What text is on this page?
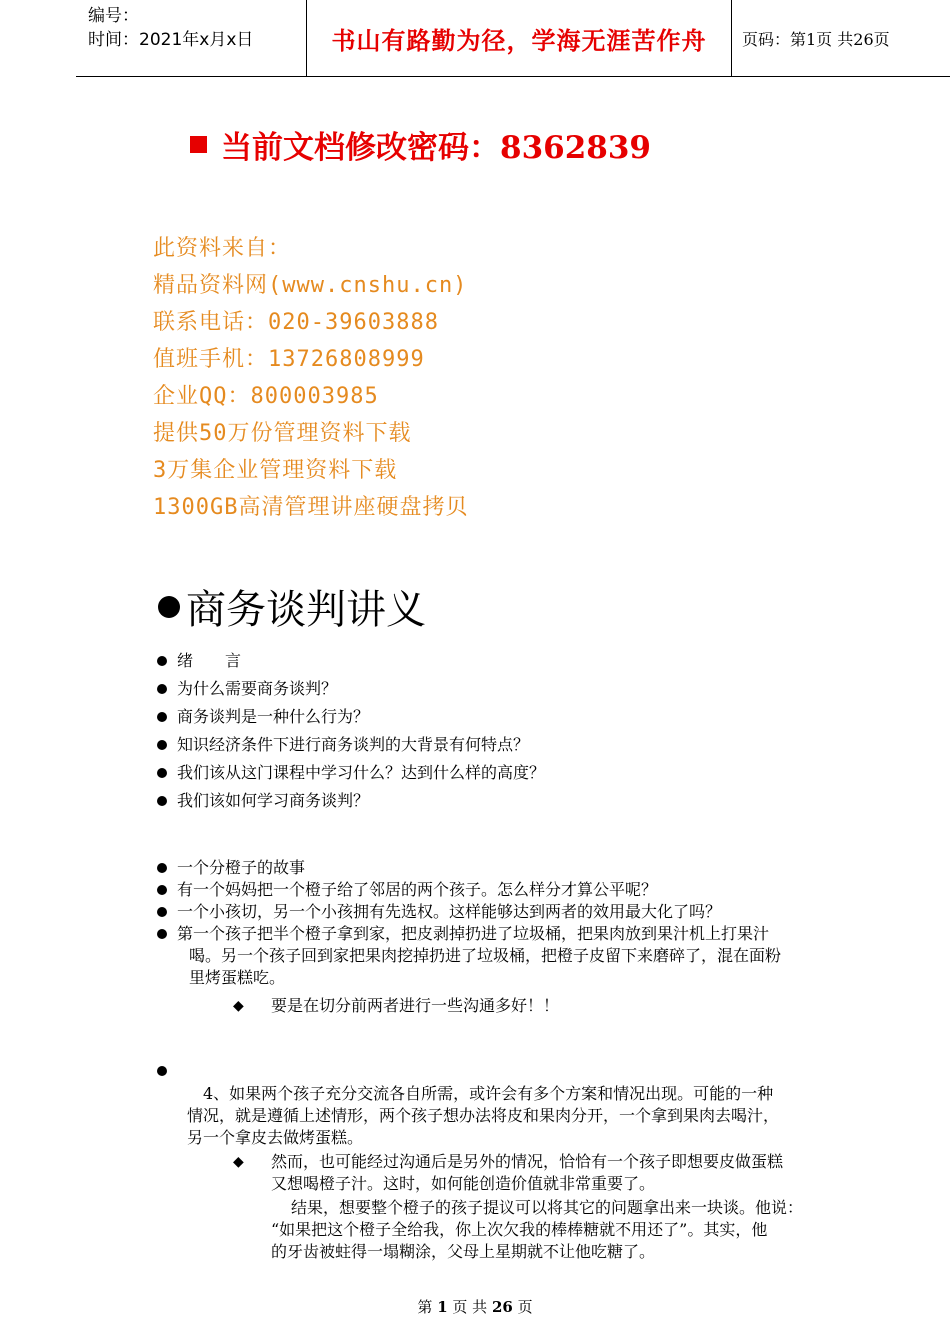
编号：
时间：2021年x月x日	书山有路勤为径，学海无涯苦作舟	页码：第1页 共26页
当前文档修改密码：8362839
此资料来自：
精品资料网(www.cnshu.cn)
联系电话：020-39603888
值班手机：13726808999
企业QQ：800003985
提供50万份管理资料下载
3万集企业管理资料下载
1300GB高清管理讲座硬盘拷贝
商务谈判讲义
绪　　言
为什么需要商务谈判？
商务谈判是一种什么行为？
知识经济条件下进行商务谈判的大背景有何特点？
我们该从这门课程中学习什么？达到什么样的高度？
我们该如何学习商务谈判？
一个分橙子的故事
有一个妈妈把一个橙子给了邻居的两个孩子。怎么样分才算公平呢？
一个小孩切，另一个小孩拥有先选权。这样能够达到两者的效用最大化了吗？
第一个孩子把半个橙子拿到家，把皮剥掉扔进了垃圾桶，把果肉放到果汁机上打果汁
喝。另一个孩子回到家把果肉挖掉扔进了垃圾桶，把橙子皮留下来磨碎了，混在面粉
里烤蛋糕吃。
◆ 要是在切分前两者进行一些沟通多好！！
4、如果两个孩子充分交流各自所需，或许会有多个方案和情况出现。可能的一种
情况，就是遵循上述情形，两个孩子想办法将皮和果肉分开，一个拿到果肉去喝汁，
另一个拿皮去做烤蛋糕。
◆ 然而，也可能经过沟通后是另外的情况，恰恰有一个孩子即想要皮做蛋糕
又想喝橙子汁。这时，如何能创造价值就非常重要了。
结果，想要整个橙子的孩子提议可以将其它的问题拿出来一块谈。他说：
“如果把这个橙子全给我，你上次欠我的棒棒糖就不用还了”。其实，他
的牙齿被蛀得一塌糊涂，父母上星期就不让他吃糖了。
第 1 页 共 26 页
